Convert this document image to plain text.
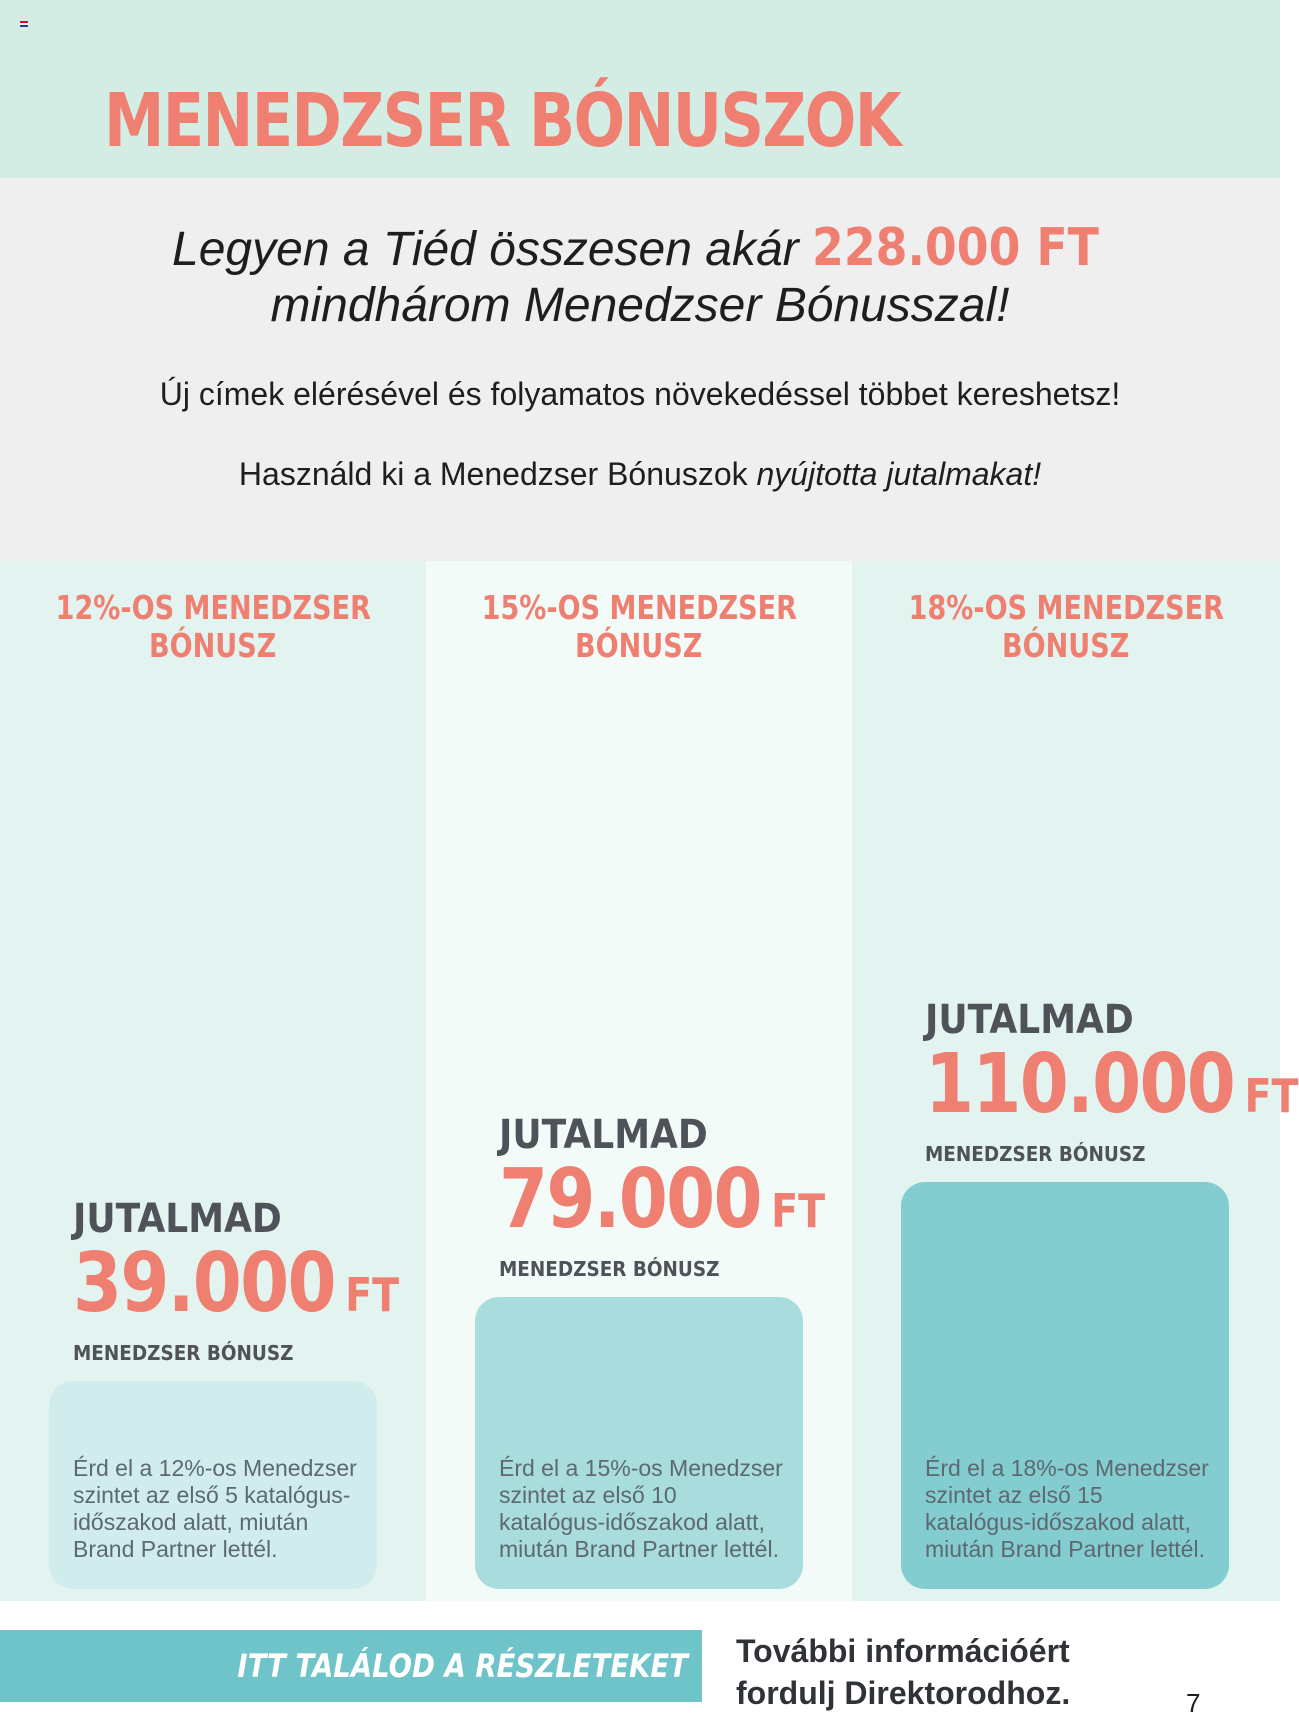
MENEDZSER BÓNUSZOK
Legyen a Tiéd összesen akár 228.000 FT
mindhárom Menedzser Bónusszal!
Új címek elérésével és folyamatos növekedéssel többet kereshetsz!
Használd ki a Menedzser Bónuszok nyújtotta jutalmakat!
12%-OS MENEDZSER
BÓNUSZ
JUTALMAD
39.000 FT
MENEDZSER BÓNUSZ
Érd el a 12%-os Menedzser szintet az első 5 katalógus-időszakod alatt, miután Brand Partner lettél.
15%-OS MENEDZSER
BÓNUSZ
JUTALMAD
79.000 FT
MENEDZSER BÓNUSZ
Érd el a 15%-os Menedzser szintet az első 10 katalógus-időszakod alatt, miután Brand Partner lettél.
18%-OS MENEDZSER
BÓNUSZ
JUTALMAD
110.000 FT
MENEDZSER BÓNUSZ
Érd el a 18%-os Menedzser szintet az első 15 katalógus-időszakod alatt, miután Brand Partner lettél.
ITT TALÁLOD A RÉSZLETEKET További információért
fordulj Direktorodhoz.	7
